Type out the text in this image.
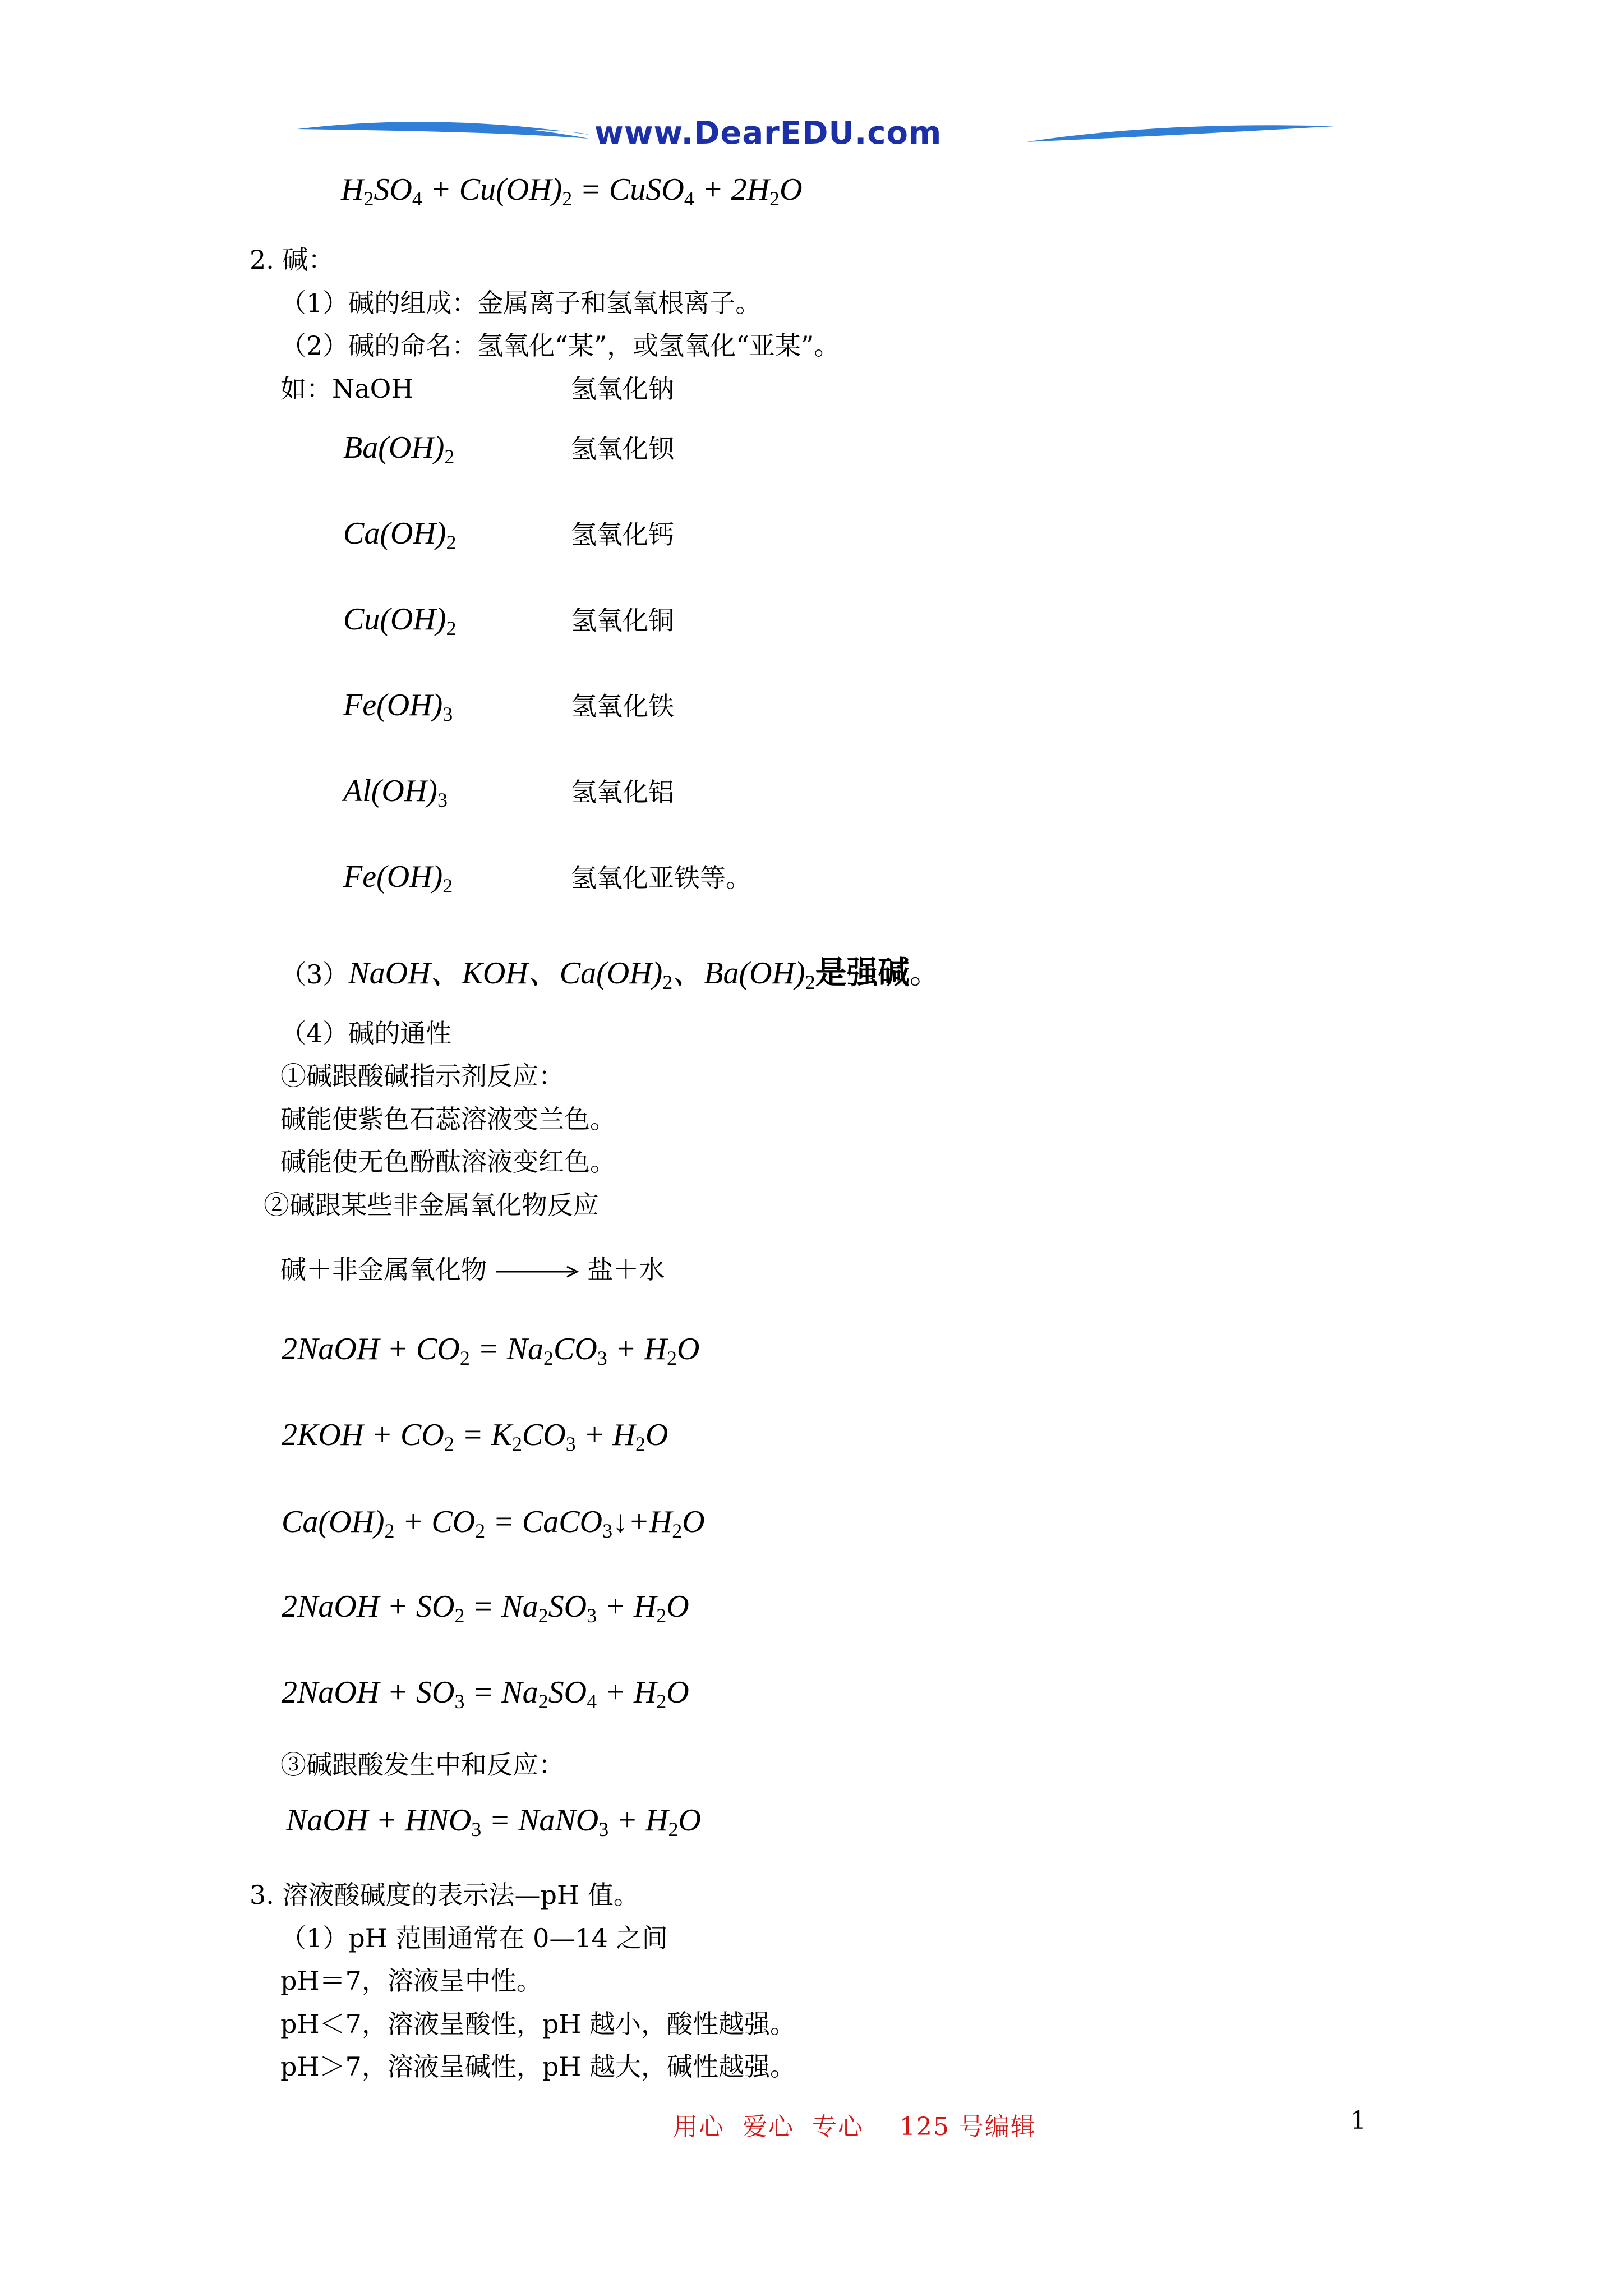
www.DearEDU.com
$H_2SO_4 + Cu(OH)_2$ = CuSO$_4$ + $2H_2O$
2. 碱：
（1）碱的组成：金属离子和氢氧根离子。
（2）碱的命名：氢氧化“某”，或氢氧化“亚某”。
如：NaOH	氢氧化钠
$Ba(OH)_2$	氢氧化钡
$Ca(OH)_2$	氢氧化钙
$Cu(OH)_2$	氢氧化铜
$Fe(OH)_3$	氢氧化铁
$Al(OH)_3$	氢氧化铝
$Fe(OH)_2$	氢氧化亚铁等。
（3）NaOH、KOH、$Ca(OH)_2$、$Ba(OH)_2$是强碱。
（4）碱的通性
①碱跟酸碱指示剂反应：
碱能使紫色石蕊溶液变兰色。
碱能使无色酚酞溶液变红色。
②碱跟某些非金属氧化物反应
碱＋非金属氧化物	盐＋水
2NaOH + $CO_2 = Na_2CO_3 + H_2O$
$2KOH + CO_2 = K_2CO_3 + H_2O$
$Ca(OH)_2 + CO_2$ = $CaCO_3↓+H_2O$
2NaOH + $SO_2 = Na_2SO_3 + H_2O$
2NaOH + $SO_3 = Na_2SO_4 + H_2O$
③碱跟酸发生中和反应：
NaOH + $HNO_3$ = NaNO$_3$ + $H_2O$
3. 溶液酸碱度的表示法—pH 值。
（1）pH 范围通常在 0—14 之间
pH＝7，溶液呈中性。
pH＜7，溶液呈酸性，pH 越小，酸性越强。
pH＞7，溶液呈碱性，pH 越大，碱性越强。
用心  爱心  专心    125 号编辑	1
